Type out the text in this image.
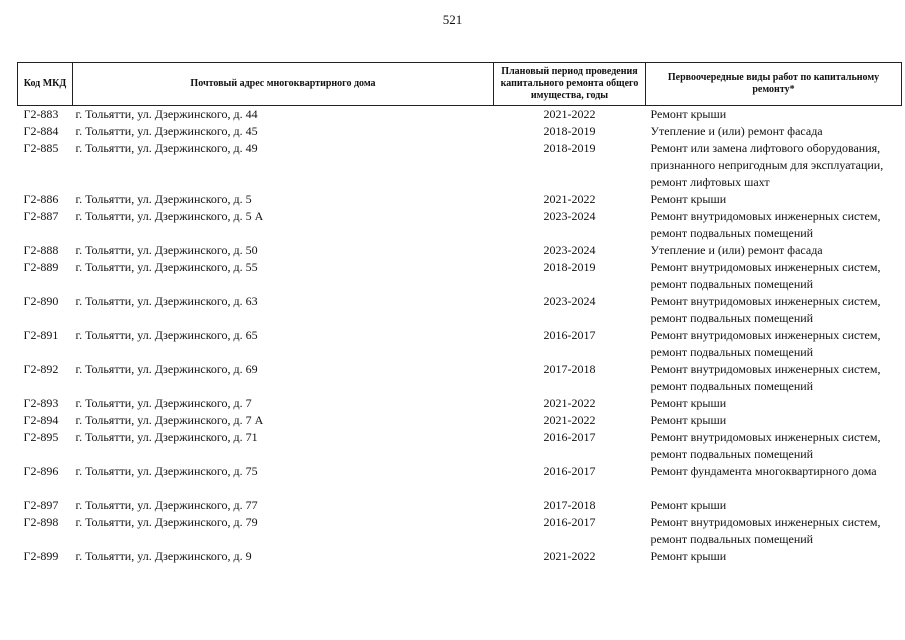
521
Код МКД	Почтовый адрес многоквартирного дома	Плановый период проведения капитального ремонта общего имущества, годы	Первоочередные виды работ по капитальному ремонту*
Г2-883	г. Тольятти, ул. Дзержинского, д. 44	2021-2022	Ремонт крыши
Г2-884	г. Тольятти, ул. Дзержинского, д. 45	2018-2019	Утепление и (или) ремонт фасада
Г2-885	г. Тольятти, ул. Дзержинского, д. 49	2018-2019	Ремонт или замена лифтового оборудования, признанного непригодным для эксплуатации, ремонт лифтовых шахт
Г2-886	г. Тольятти, ул. Дзержинского, д. 5	2021-2022	Ремонт крыши
Г2-887	г. Тольятти, ул. Дзержинского, д. 5 А	2023-2024	Ремонт внутридомовых инженерных систем, ремонт подвальных помещений
Г2-888	г. Тольятти, ул. Дзержинского, д. 50	2023-2024	Утепление и (или) ремонт фасада
Г2-889	г. Тольятти, ул. Дзержинского, д. 55	2018-2019	Ремонт внутридомовых инженерных систем, ремонт подвальных помещений
Г2-890	г. Тольятти, ул. Дзержинского, д. 63	2023-2024	Ремонт внутридомовых инженерных систем, ремонт подвальных помещений
Г2-891	г. Тольятти, ул. Дзержинского, д. 65	2016-2017	Ремонт внутридомовых инженерных систем, ремонт подвальных помещений
Г2-892	г. Тольятти, ул. Дзержинского, д. 69	2017-2018	Ремонт внутридомовых инженерных систем, ремонт подвальных помещений
Г2-893	г. Тольятти, ул. Дзержинского, д. 7	2021-2022	Ремонт крыши
Г2-894	г. Тольятти, ул. Дзержинского, д. 7 А	2021-2022	Ремонт крыши
Г2-895	г. Тольятти, ул. Дзержинского, д. 71	2016-2017	Ремонт внутридомовых инженерных систем, ремонт подвальных помещений
Г2-896	г. Тольятти, ул. Дзержинского, д. 75	2016-2017	Ремонт фундамента многоквартирного дома
Г2-897	г. Тольятти, ул. Дзержинского, д. 77	2017-2018	Ремонт крыши
Г2-898	г. Тольятти, ул. Дзержинского, д. 79	2016-2017	Ремонт внутридомовых инженерных систем, ремонт подвальных помещений
Г2-899	г. Тольятти, ул. Дзержинского, д. 9	2021-2022	Ремонт крыши
